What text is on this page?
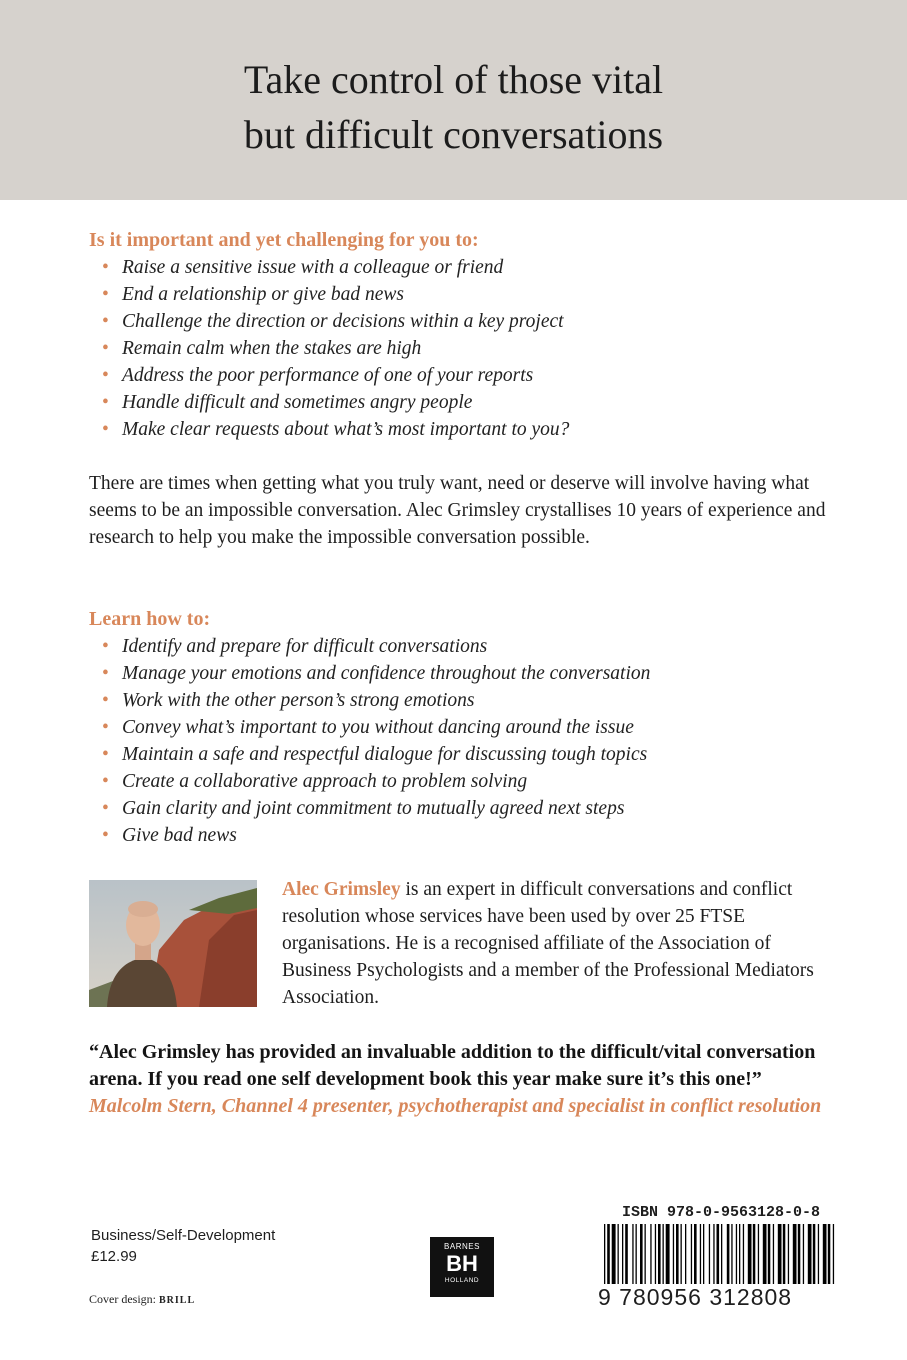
Take control of those vital
but difficult conversations
Is it important and yet challenging for you to:
• Raise a sensitive issue with a colleague or friend
• End a relationship or give bad news
• Challenge the direction or decisions within a key project
• Remain calm when the stakes are high
• Address the poor performance of one of your reports
• Handle difficult and sometimes angry people
• Make clear requests about what’s most important to you?

There are times when getting what you truly want, need or deserve will involve having what seems to be an impossible conversation. Alec Grimsley crystallises 10 years of experience and research to help you make the impossible conversation possible.

Learn how to:
• Identify and prepare for difficult conversations
• Manage your emotions and confidence throughout the conversation
• Work with the other person’s strong emotions
• Convey what’s important to you without dancing around the issue
• Maintain a safe and respectful dialogue for discussing tough topics
• Create a collaborative approach to problem solving
• Gain clarity and joint commitment to mutually agreed next steps
• Give bad news

Alec Grimsley is an expert in difficult conversations and conflict resolution whose services have been used by over 25 FTSE organisations. He is a recognised affiliate of the Association of Business Psychologists and a member of the Professional Mediators Association.

“Alec Grimsley has provided an invaluable addition to the difficult/vital conversation arena. If you read one self development book this year make sure it’s this one!” Malcolm Stern, Channel 4 presenter, psychotherapist and specialist in conflict resolution

Business/Self-Development
£12.99
Cover design: BRILL
BARNES
BH
HOLLAND
ISBN 978-0-9563128-0-8
9 780956 312808
